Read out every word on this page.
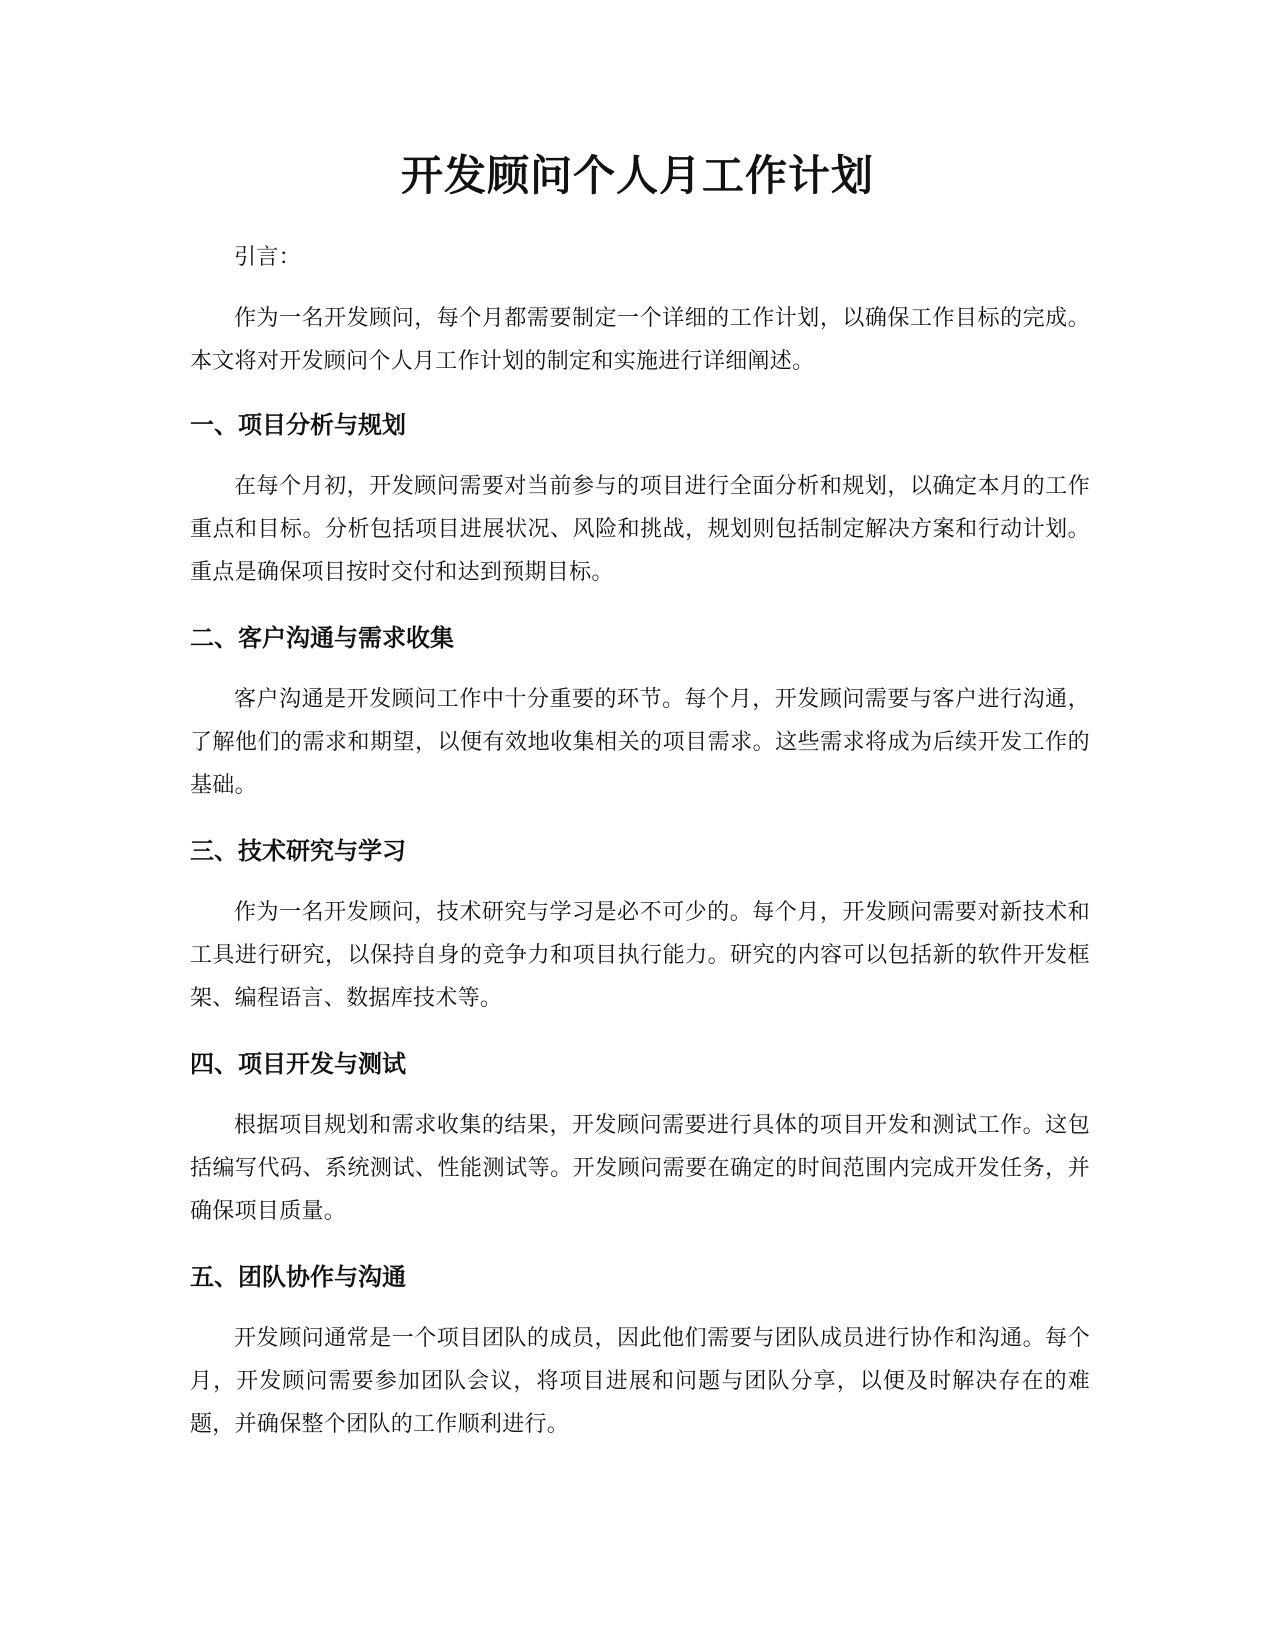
开发顾问个人月工作计划

引言：

作为一名开发顾问，每个月都需要制定一个详细的工作计划，以确保工作目标的完成。本文将对开发顾问个人月工作计划的制定和实施进行详细阐述。

一、项目分析与规划

在每个月初，开发顾问需要对当前参与的项目进行全面分析和规划，以确定本月的工作重点和目标。分析包括项目进展状况、风险和挑战，规划则包括制定解决方案和行动计划。重点是确保项目按时交付和达到预期目标。

二、客户沟通与需求收集

客户沟通是开发顾问工作中十分重要的环节。每个月，开发顾问需要与客户进行沟通，了解他们的需求和期望，以便有效地收集相关的项目需求。这些需求将成为后续开发工作的基础。

三、技术研究与学习

作为一名开发顾问，技术研究与学习是必不可少的。每个月，开发顾问需要对新技术和工具进行研究，以保持自身的竞争力和项目执行能力。研究的内容可以包括新的软件开发框架、编程语言、数据库技术等。

四、项目开发与测试

根据项目规划和需求收集的结果，开发顾问需要进行具体的项目开发和测试工作。这包括编写代码、系统测试、性能测试等。开发顾问需要在确定的时间范围内完成开发任务，并确保项目质量。

五、团队协作与沟通

开发顾问通常是一个项目团队的成员，因此他们需要与团队成员进行协作和沟通。每个月，开发顾问需要参加团队会议，将项目进展和问题与团队分享，以便及时解决存在的难题，并确保整个团队的工作顺利进行。
